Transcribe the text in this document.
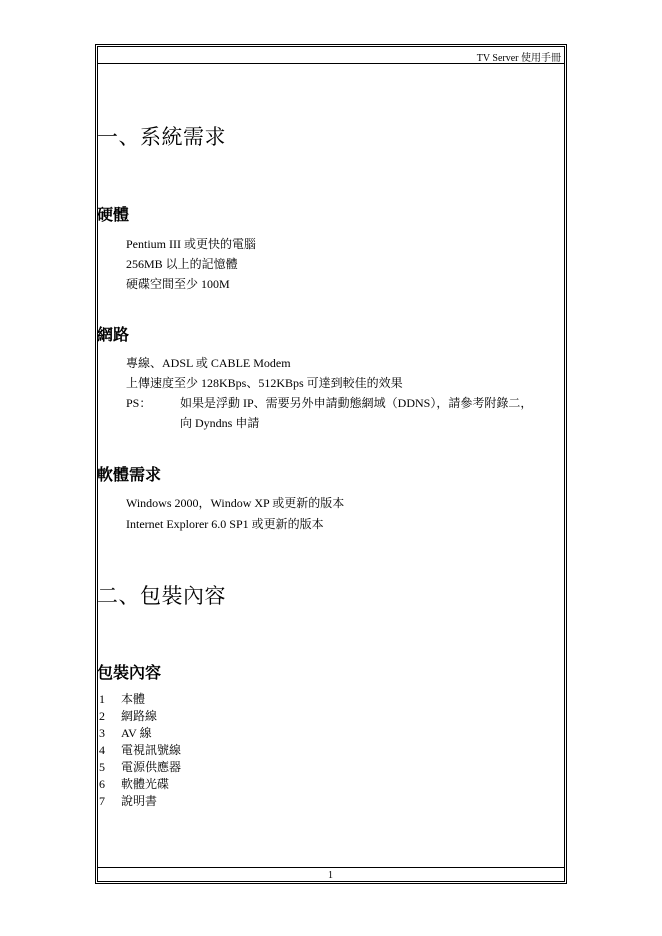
TV Server 使用手冊
一、系統需求
硬體
Pentium III 或更快的電腦
256MB 以上的記憶體
硬碟空間至少 100M
網路
專線、ADSL 或 CABLE Modem
上傳速度至少 128KBps、512KBps 可達到較佳的效果
PS： 如果是浮動 IP、需要另外申請動態網域（DDNS），請參考附錄二，
向 Dyndns 申請
軟體需求
Windows 2000，Window XP 或更新的版本
Internet Explorer 6.0 SP1 或更新的版本
二、包裝內容
包裝內容
1 本體
2 網路線
3 AV 線
4 電視訊號線
5 電源供應器
6 軟體光碟
7 說明書
1
